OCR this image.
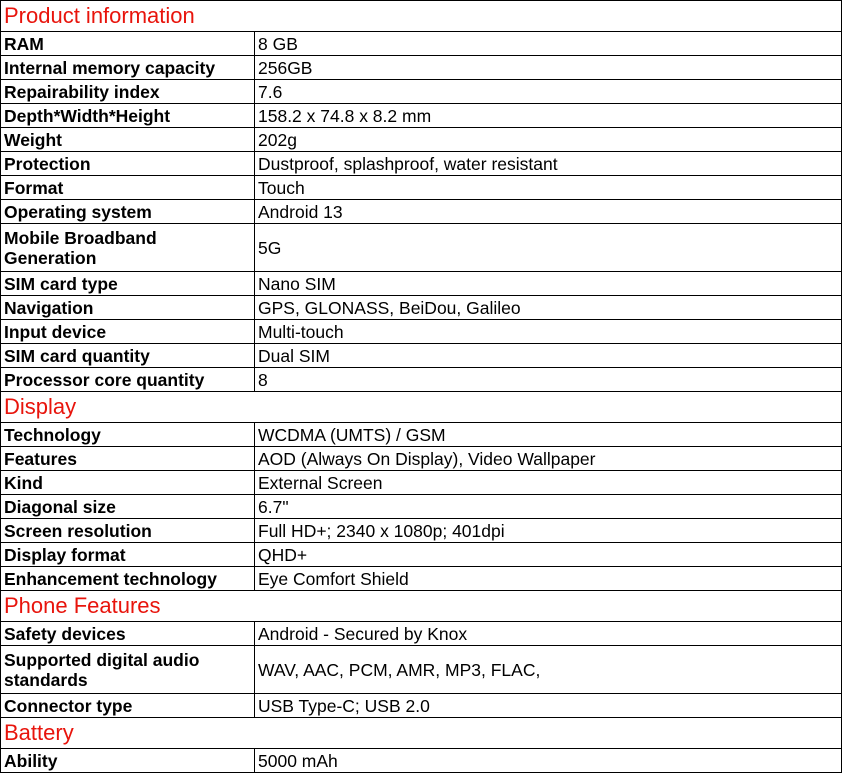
Product information	
RAM	8 GB
Internal memory capacity	256GB
Repairability index	7.6
Depth*Width*Height	158.2 x 74.8 x 8.2 mm
Weight	202g
Protection	Dustproof, splashproof, water resistant
Format	Touch
Operating system	Android 13
Mobile Broadband Generation	5G
SIM card type	Nano SIM
Navigation	GPS, GLONASS, BeiDou, Galileo
Input device	Multi-touch
SIM card quantity	Dual SIM
Processor core quantity	8
Display	
Technology	WCDMA (UMTS) / GSM
Features	AOD (Always On Display), Video Wallpaper
Kind	External Screen
Diagonal size	6.7"
Screen resolution	Full HD+; 2340 x 1080p; 401dpi
Display format	QHD+
Enhancement technology	Eye Comfort Shield
Phone Features	
Safety devices	Android - Secured by Knox
Supported digital audio standards	WAV, AAC, PCM, AMR, MP3, FLAC,
Connector type	USB Type-C; USB 2.0
Battery	
Ability	5000 mAh
